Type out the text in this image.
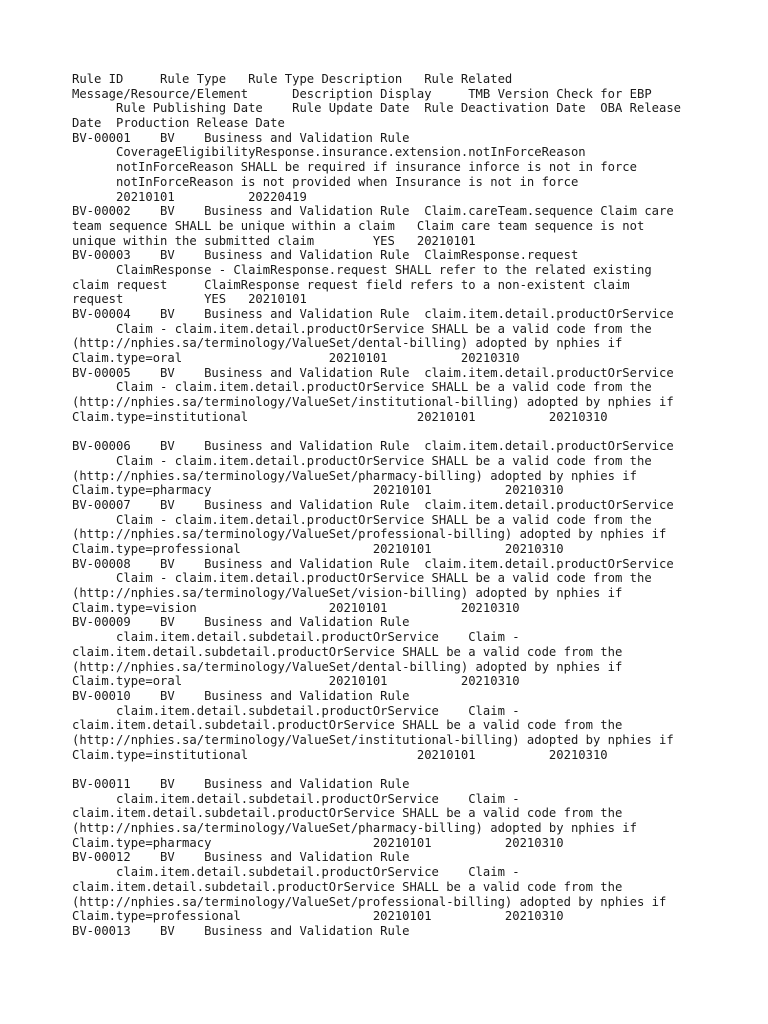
Rule ID     Rule Type   Rule Type Description   Rule Related
Message/Resource/Element      Description Display     TMB Version Check for EBP
Rule Publishing Date    Rule Update Date  Rule Deactivation Date  OBA Release
Date  Production Release Date
BV-00001    BV    Business and Validation Rule
CoverageEligibilityResponse.insurance.extension.notInForceReason
notInForceReason SHALL be required if insurance inforce is not in force
notInForceReason is not provided when Insurance is not in force
20210101          20220419
BV-00002    BV    Business and Validation Rule  Claim.careTeam.sequence Claim care
team sequence SHALL be unique within a claim   Claim care team sequence is not
unique within the submitted claim        YES   20210101
BV-00003    BV    Business and Validation Rule  ClaimResponse.request
ClaimResponse - ClaimResponse.request SHALL refer to the related existing
claim request     ClaimResponse request field refers to a non-existent claim
request           YES   20210101
BV-00004    BV    Business and Validation Rule  claim.item.detail.productOrService
Claim - claim.item.detail.productOrService SHALL be a valid code from the
(http://nphies.sa/terminology/ValueSet/dental-billing) adopted by nphies if
Claim.type=oral                    20210101          20210310
BV-00005    BV    Business and Validation Rule  claim.item.detail.productOrService
Claim - claim.item.detail.productOrService SHALL be a valid code from the
(http://nphies.sa/terminology/ValueSet/institutional-billing) adopted by nphies if
Claim.type=institutional                       20210101          20210310
BV-00006    BV    Business and Validation Rule  claim.item.detail.productOrService
Claim - claim.item.detail.productOrService SHALL be a valid code from the
(http://nphies.sa/terminology/ValueSet/pharmacy-billing) adopted by nphies if
Claim.type=pharmacy                      20210101          20210310
BV-00007    BV    Business and Validation Rule  claim.item.detail.productOrService
Claim - claim.item.detail.productOrService SHALL be a valid code from the
(http://nphies.sa/terminology/ValueSet/professional-billing) adopted by nphies if
Claim.type=professional                  20210101          20210310
BV-00008    BV    Business and Validation Rule  claim.item.detail.productOrService
Claim - claim.item.detail.productOrService SHALL be a valid code from the
(http://nphies.sa/terminology/ValueSet/vision-billing) adopted by nphies if
Claim.type=vision                  20210101          20210310
BV-00009    BV    Business and Validation Rule
claim.item.detail.subdetail.productOrService    Claim -
claim.item.detail.subdetail.productOrService SHALL be a valid code from the
(http://nphies.sa/terminology/ValueSet/dental-billing) adopted by nphies if
Claim.type=oral                    20210101          20210310
BV-00010    BV    Business and Validation Rule
claim.item.detail.subdetail.productOrService    Claim -
claim.item.detail.subdetail.productOrService SHALL be a valid code from the
(http://nphies.sa/terminology/ValueSet/institutional-billing) adopted by nphies if
Claim.type=institutional                       20210101          20210310
BV-00011    BV    Business and Validation Rule
claim.item.detail.subdetail.productOrService    Claim -
claim.item.detail.subdetail.productOrService SHALL be a valid code from the
(http://nphies.sa/terminology/ValueSet/pharmacy-billing) adopted by nphies if
Claim.type=pharmacy                      20210101          20210310
BV-00012    BV    Business and Validation Rule
claim.item.detail.subdetail.productOrService    Claim -
claim.item.detail.subdetail.productOrService SHALL be a valid code from the
(http://nphies.sa/terminology/ValueSet/professional-billing) adopted by nphies if
Claim.type=professional                  20210101          20210310
BV-00013    BV    Business and Validation Rule
